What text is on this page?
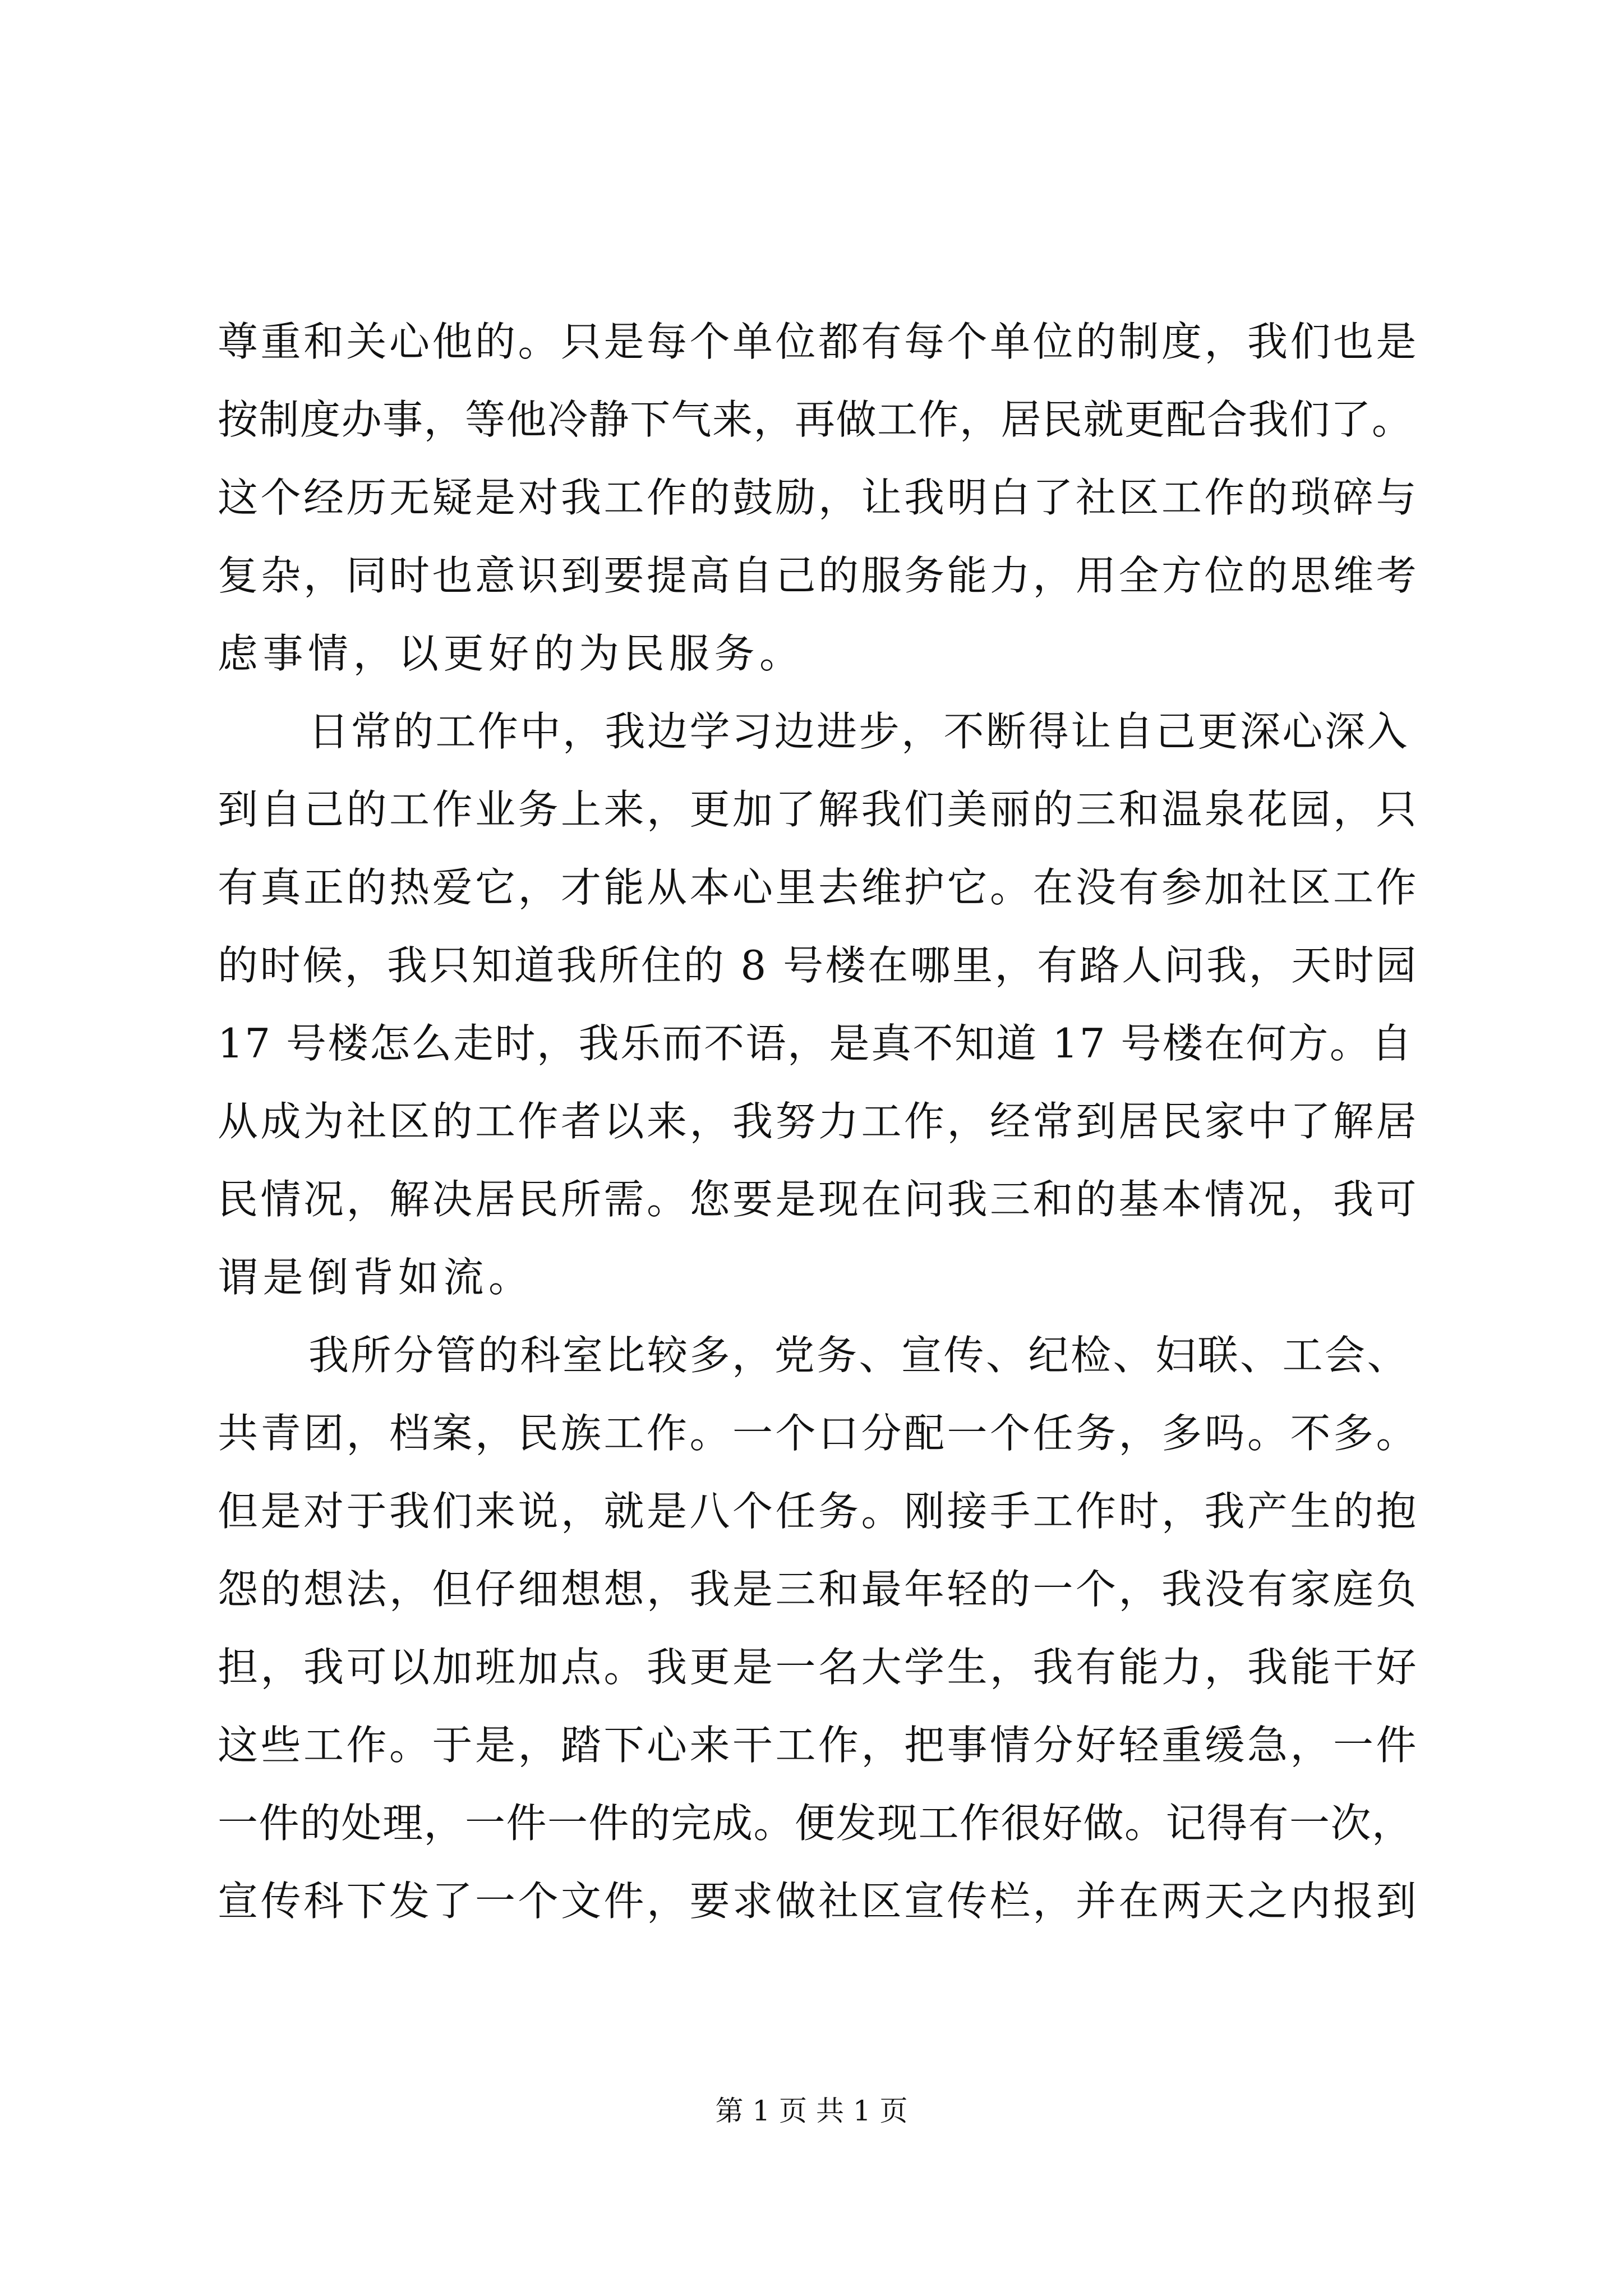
尊重和关心他的。只是每个单位都有每个单位的制度，我们也是
按制度办事，等他冷静下气来，再做工作，居民就更配合我们了。
这个经历无疑是对我工作的鼓励，让我明白了社区工作的琐碎与
复杂，同时也意识到要提高自己的服务能力，用全方位的思维考
虑事情，以更好的为民服务。
日常的工作中，我边学习边进步，不断得让自己更深心深入
到自己的工作业务上来，更加了解我们美丽的三和温泉花园，只
有真正的热爱它，才能从本心里去维护它。在没有参加社区工作
的时候，我只知道我所住的 8 号楼在哪里，有路人问我，天时园
17 号楼怎么走时，我乐而不语，是真不知道 17 号楼在何方。自
从成为社区的工作者以来，我努力工作，经常到居民家中了解居
民情况，解决居民所需。您要是现在问我三和的基本情况，我可
谓是倒背如流。
我所分管的科室比较多，党务、宣传、纪检、妇联、工会、
共青团，档案，民族工作。一个口分配一个任务，多吗。不多。
但是对于我们来说，就是八个任务。刚接手工作时，我产生的抱
怨的想法，但仔细想想，我是三和最年轻的一个，我没有家庭负
担，我可以加班加点。我更是一名大学生，我有能力，我能干好
这些工作。于是，踏下心来干工作，把事情分好轻重缓急，一件
一件的处理，一件一件的完成。便发现工作很好做。记得有一次，
宣传科下发了一个文件，要求做社区宣传栏，并在两天之内报到
第 1 页 共 1 页
